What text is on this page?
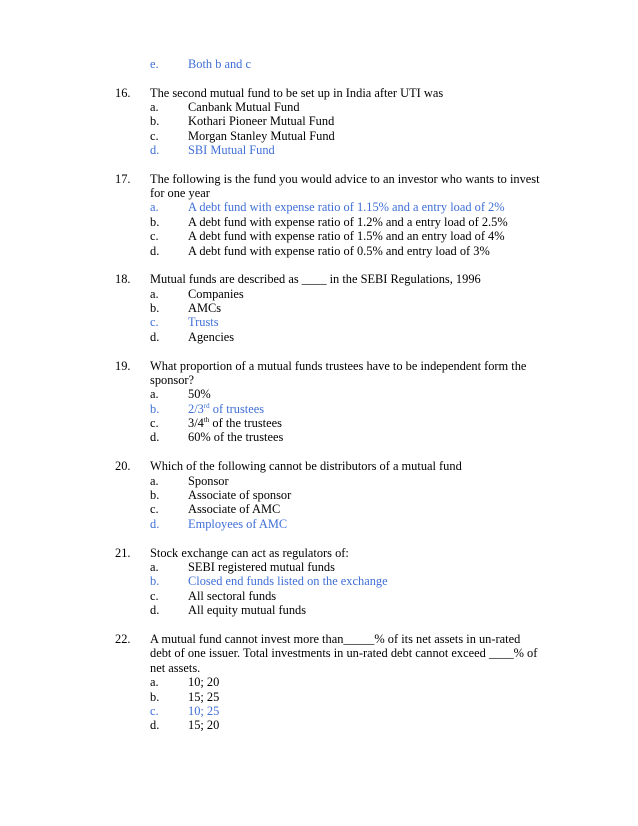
e. Both b and c
16. The second mutual fund to be set up in India after UTI was
a. Canbank Mutual Fund
b. Kothari Pioneer Mutual Fund
c. Morgan Stanley Mutual Fund
d. SBI Mutual Fund
17. The following is the fund you would advice to an investor who wants to invest
for one year
a. A debt fund with expense ratio of 1.15% and a entry load of 2%
b. A debt fund with expense ratio of 1.2% and a entry load of 2.5%
c. A debt fund with expense ratio of 1.5% and an entry load of 4%
d. A debt fund with expense ratio of 0.5% and entry load of 3%
18. Mutual funds are described as ____ in the SEBI Regulations, 1996
a. Companies
b. AMCs
c. Trusts
d. Agencies
19. What proportion of a mutual funds trustees have to be independent form the
sponsor?
a. 50%
b. 2/3rd of trustees
c. 3/4th of the trustees
d. 60% of the trustees
20. Which of the following cannot be distributors of a mutual fund
a. Sponsor
b. Associate of sponsor
c. Associate of AMC
d. Employees of AMC
21. Stock exchange can act as regulators of:
a. SEBI registered mutual funds
b. Closed end funds listed on the exchange
c. All sectoral funds
d. All equity mutual funds
22. A mutual fund cannot invest more than_____% of its net assets in un-rated
debt of one issuer. Total investments in un-rated debt cannot exceed ____% of
net assets.
a. 10; 20
b. 15; 25
c. 10; 25
d. 15; 20
